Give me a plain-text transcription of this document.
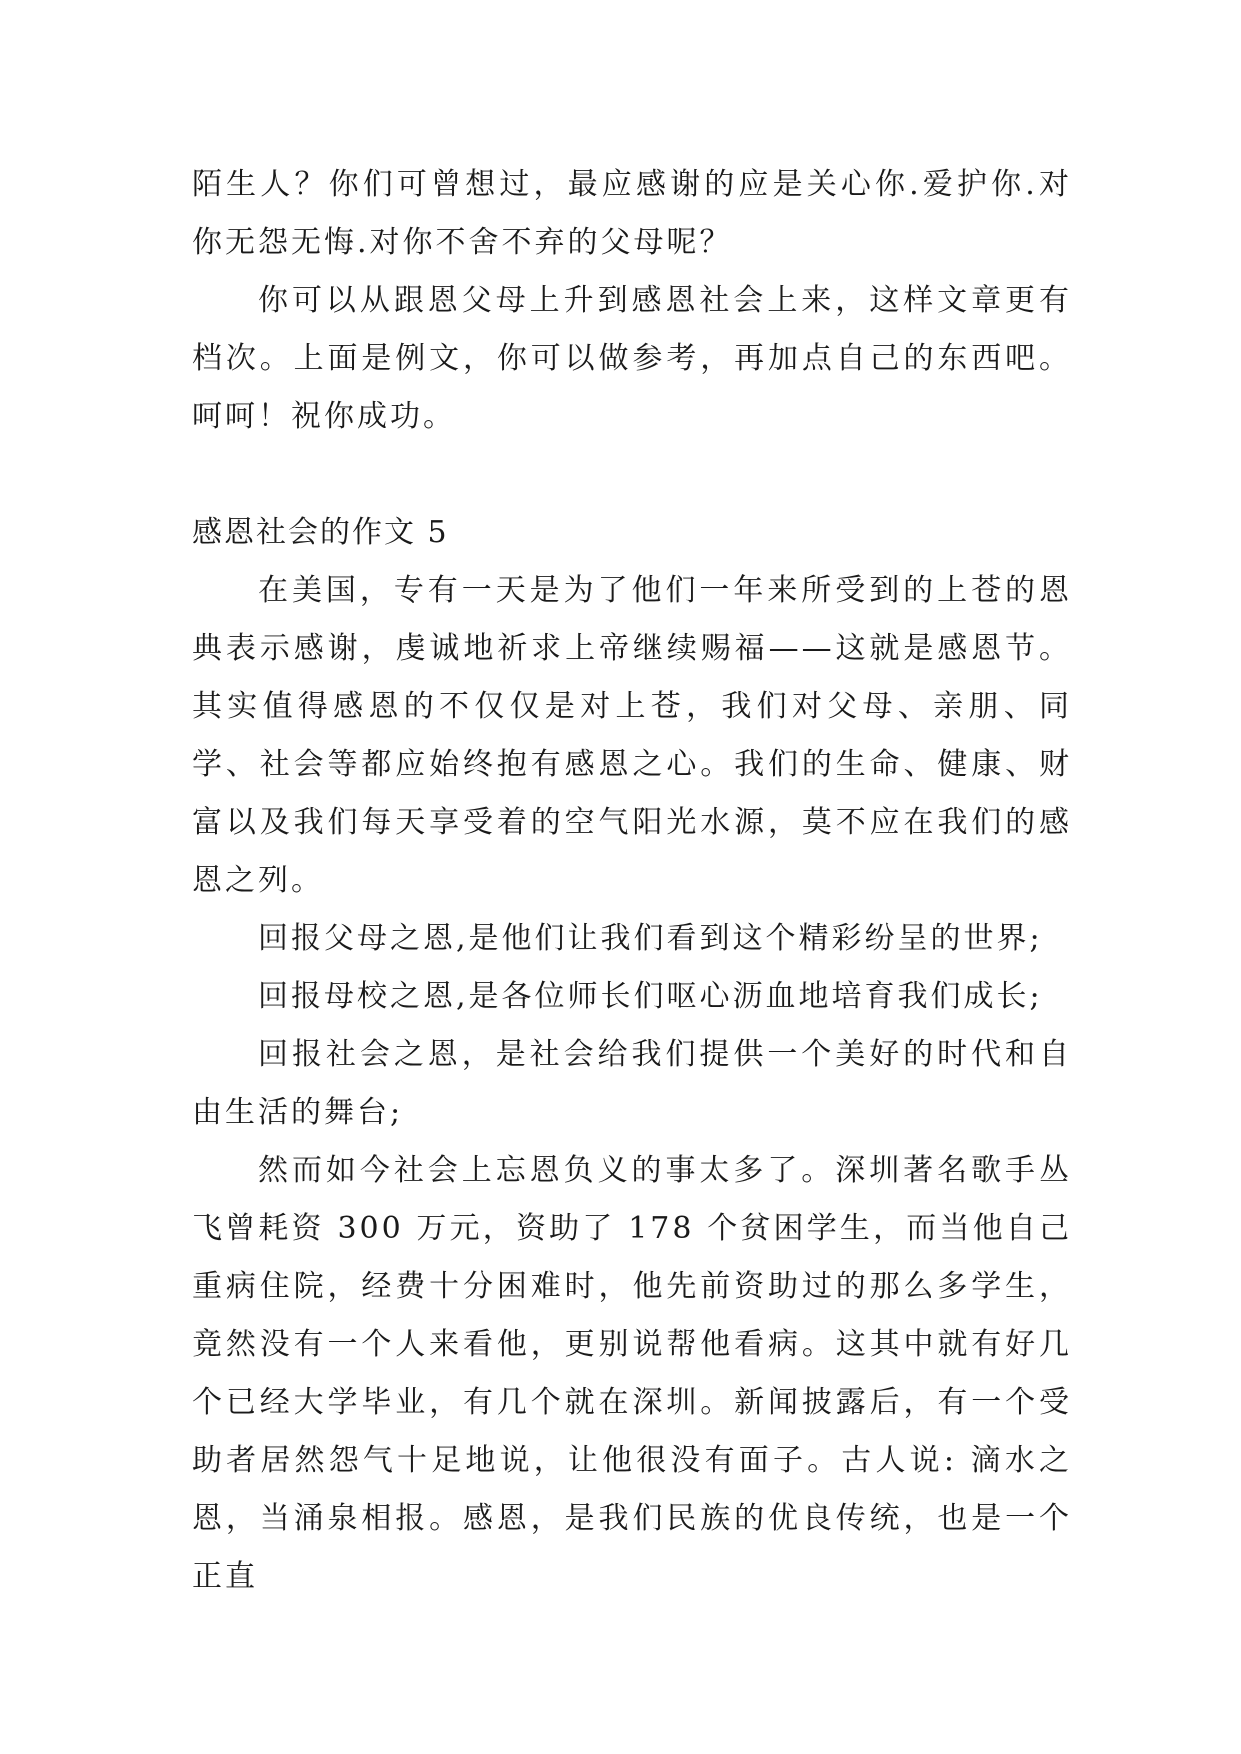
陌生人？你们可曾想过，最应感谢的应是关心你.爱护你.对你无怨无悔.对你不舍不弃的父母呢？

你可以从跟恩父母上升到感恩社会上来，这样文章更有档次。上面是例文，你可以做参考，再加点自己的东西吧。呵呵！祝你成功。

感恩社会的作文 5

在美国，专有一天是为了他们一年来所受到的上苍的恩典表示感谢，虔诚地祈求上帝继续赐福——这就是感恩节。其实值得感恩的不仅仅是对上苍，我们对父母、亲朋、同学、社会等都应始终抱有感恩之心。我们的生命、健康、财富以及我们每天享受着的空气阳光水源，莫不应在我们的感恩之列。

回报父母之恩,是他们让我们看到这个精彩纷呈的世界;

回报母校之恩,是各位师长们呕心沥血地培育我们成长;

回报社会之恩，是社会给我们提供一个美好的时代和自由生活的舞台;

然而如今社会上忘恩负义的事太多了。深圳著名歌手丛飞曾耗资 300 万元，资助了 178 个贫困学生，而当他自己重病住院，经费十分困难时，他先前资助过的那么多学生，竟然没有一个人来看他，更别说帮他看病。这其中就有好几个已经大学毕业，有几个就在深圳。新闻披露后，有一个受助者居然怨气十足地说，让他很没有面子。古人说: 滴水之恩，当涌泉相报。感恩，是我们民族的优良传统，也是一个正直
